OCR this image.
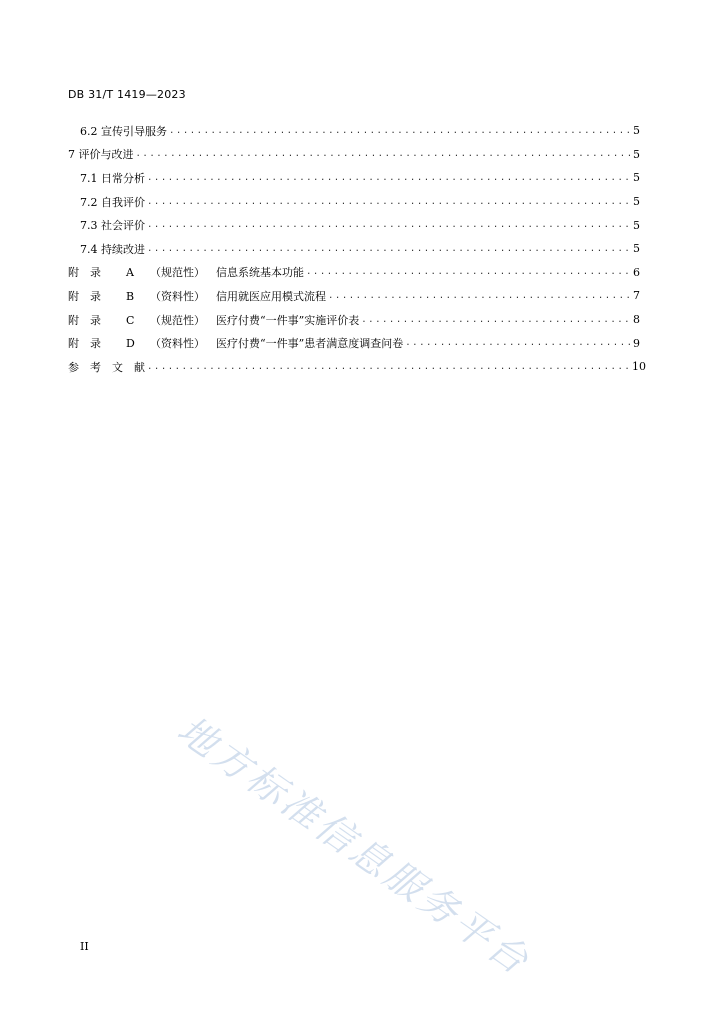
DB 31/T 1419—2023
6.2 宣传引导服务 .....	5
7 评价与改进 .....	5
7.1 日常分析 .....	5
7.2 自我评价 .....	5
7.3 社会评价 .....	5
7.4 持续改进 .....	5
附　录 A （规范性） 信息系统基本功能 .....	6
附　录 B （资料性） 信用就医应用模式流程 .....	7
附　录 C （规范性） 医疗付费“一件事”实施评价表 .....	8
附　录 D （资料性） 医疗付费“一件事”患者满意度调查问卷 .....	9
参　考　文　献 .....	10
地方标准信息服务平台
II
